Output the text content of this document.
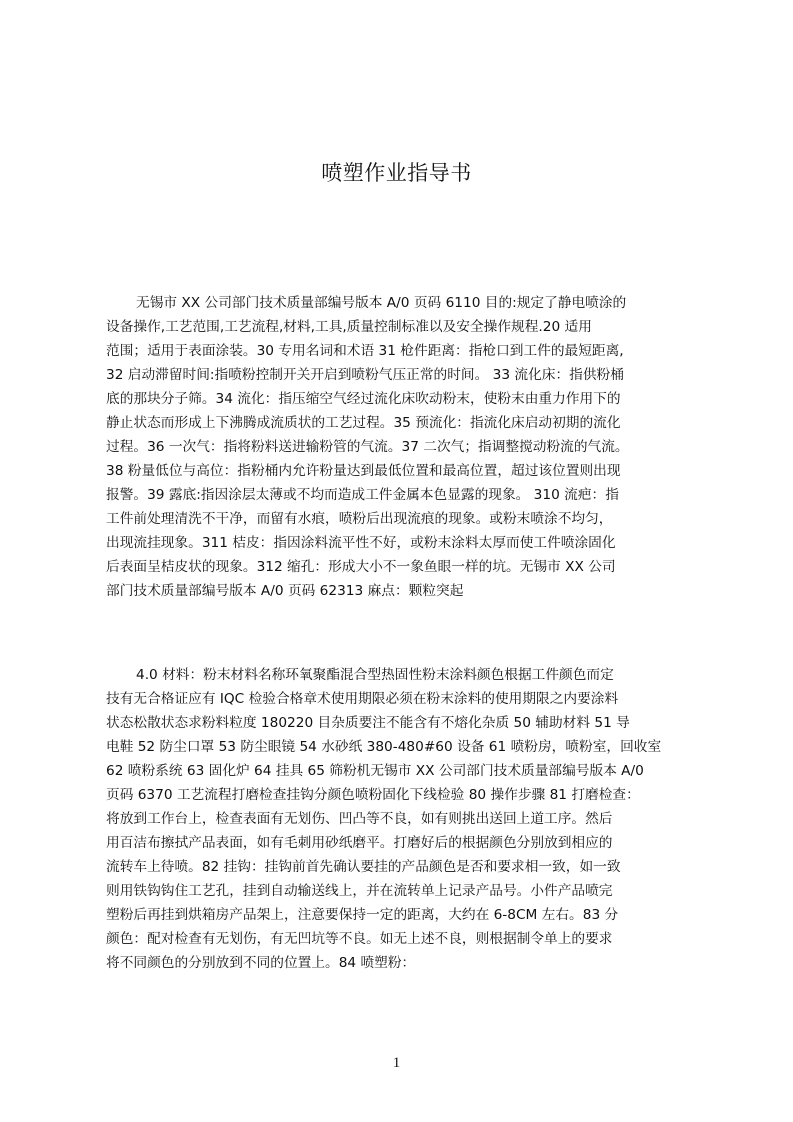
喷塑作业指导书
无锡市 XX 公司部门技术质量部编号版本 A/0 页码 6110 目的:规定了静电喷涂的
设备操作,工艺范围,工艺流程,材料,工具,质量控制标准以及安全操作规程.20 适用
范围；适用于表面涂装。30 专用名词和术语 31 枪件距离：指枪口到工件的最短距离,
32 启动滞留时间:指喷粉控制开关开启到喷粉气压正常的时间。 33 流化床：指供粉桶
底的那块分子筛。34 流化：指压缩空气经过流化床吹动粉末，使粉末由重力作用下的
静止状态而形成上下沸腾成流质状的工艺过程。35 预流化：指流化床启动初期的流化
过程。36 一次气：指将粉料送进输粉管的气流。37 二次气；指调整搅动粉流的气流。
38 粉量低位与高位：指粉桶内允许粉量达到最低位置和最高位置，超过该位置则出现
报警。39 露底:指因涂层太薄或不均而造成工件金属本色显露的现象。 310 流疤：指
工件前处理清洗不干净，而留有水痕，喷粉后出现流痕的现象。或粉末喷涂不均匀，
出现流挂现象。311 桔皮：指因涂料流平性不好，或粉末涂料太厚而使工件喷涂固化
后表面呈桔皮状的现象。312 缩孔：形成大小不一象鱼眼一样的坑。无锡市 XX 公司
部门技术质量部编号版本 A/0 页码 62313 麻点：颗粒突起
4.0 材料：粉末材料名称环氧聚酯混合型热固性粉末涂料颜色根据工件颜色而定
技有无合格证应有 IQC 检验合格章术使用期限必须在粉末涂料的使用期限之内要涂料
状态松散状态求粉料粒度 180220 目杂质要注不能含有不熔化杂质 50 辅助材料 51 导
电鞋 52 防尘口罩 53 防尘眼镜 54 水砂纸 380-480#60 设备 61 喷粉房，喷粉室，回收室
62 喷粉系统 63 固化炉 64 挂具 65 筛粉机无锡市 XX 公司部门技术质量部编号版本 A/0
页码 6370 工艺流程打磨检查挂钩分颜色喷粉固化下线检验 80 操作步骤 81 打磨检查：
将放到工作台上，检查表面有无划伤、凹凸等不良，如有则挑出送回上道工序。然后
用百洁布擦拭产品表面，如有毛刺用砂纸磨平。打磨好后的根据颜色分别放到相应的
流转车上待喷。82 挂钩：挂钩前首先确认要挂的产品颜色是否和要求相一致，如一致
则用铁钩钩住工艺孔，挂到自动输送线上，并在流转单上记录产品号。小件产品喷完
塑粉后再挂到烘箱房产品架上，注意要保持一定的距离，大约在 6-8CM 左右。83 分
颜色：配对检查有无划伤，有无凹坑等不良。如无上述不良，则根据制令单上的要求
将不同颜色的分别放到不同的位置上。84 喷塑粉：
1
